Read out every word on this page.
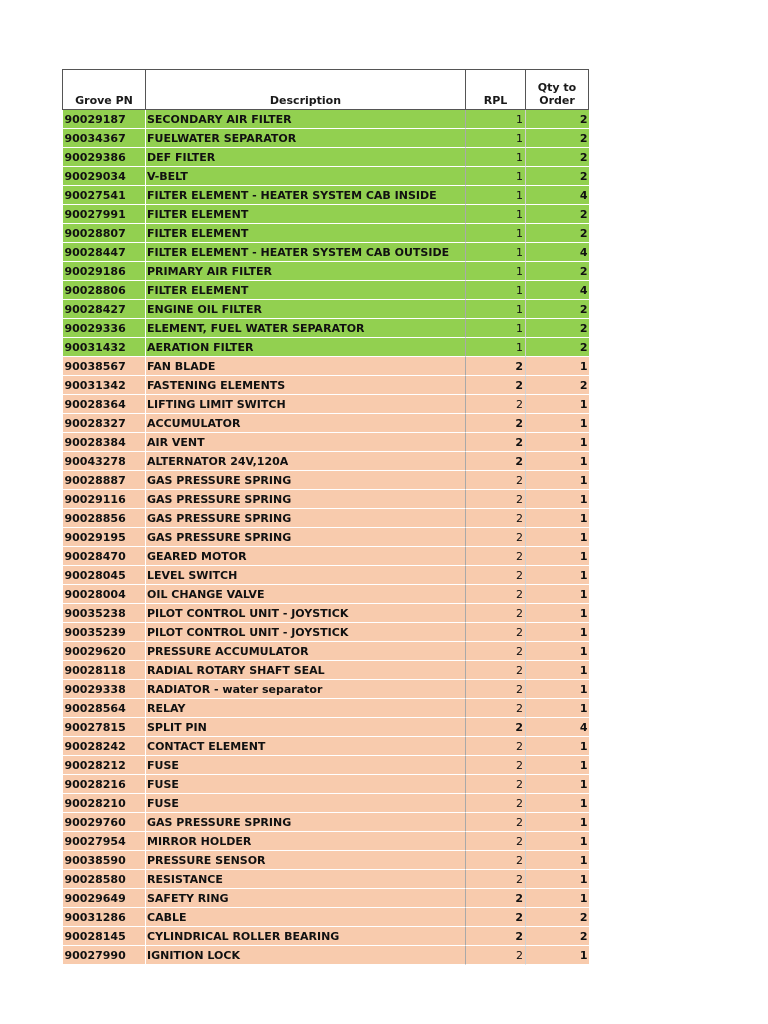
Grove PN	Description	RPL	Qty to Order
90029187	SECONDARY AIR FILTER	1	2
90034367	FUELWATER SEPARATOR	1	2
90029386	DEF FILTER	1	2
90029034	V-BELT	1	2
90027541	FILTER ELEMENT - HEATER SYSTEM CAB INSIDE	1	4
90027991	FILTER ELEMENT	1	2
90028807	FILTER ELEMENT	1	2
90028447	FILTER ELEMENT - HEATER SYSTEM CAB OUTSIDE	1	4
90029186	PRIMARY AIR FILTER	1	2
90028806	FILTER ELEMENT	1	4
90028427	ENGINE OIL FILTER	1	2
90029336	ELEMENT, FUEL WATER SEPARATOR	1	2
90031432	AERATION FILTER	1	2
90038567	FAN BLADE	2	1
90031342	FASTENING ELEMENTS	2	2
90028364	LIFTING LIMIT SWITCH	2	1
90028327	ACCUMULATOR	2	1
90028384	AIR VENT	2	1
90043278	ALTERNATOR 24V,120A	2	1
90028887	GAS PRESSURE SPRING	2	1
90029116	GAS PRESSURE SPRING	2	1
90028856	GAS PRESSURE SPRING	2	1
90029195	GAS PRESSURE SPRING	2	1
90028470	GEARED MOTOR	2	1
90028045	LEVEL SWITCH	2	1
90028004	OIL CHANGE VALVE	2	1
90035238	PILOT CONTROL UNIT - JOYSTICK	2	1
90035239	PILOT CONTROL UNIT - JOYSTICK	2	1
90029620	PRESSURE ACCUMULATOR	2	1
90028118	RADIAL ROTARY SHAFT SEAL	2	1
90029338	RADIATOR - water separator	2	1
90028564	RELAY	2	1
90027815	SPLIT PIN	2	4
90028242	CONTACT ELEMENT	2	1
90028212	FUSE	2	1
90028216	FUSE	2	1
90028210	FUSE	2	1
90029760	GAS PRESSURE SPRING	2	1
90027954	MIRROR HOLDER	2	1
90038590	PRESSURE SENSOR	2	1
90028580	RESISTANCE	2	1
90029649	SAFETY RING	2	1
90031286	CABLE	2	2
90028145	CYLINDRICAL ROLLER BEARING	2	2
90027990	IGNITION LOCK	2	1
